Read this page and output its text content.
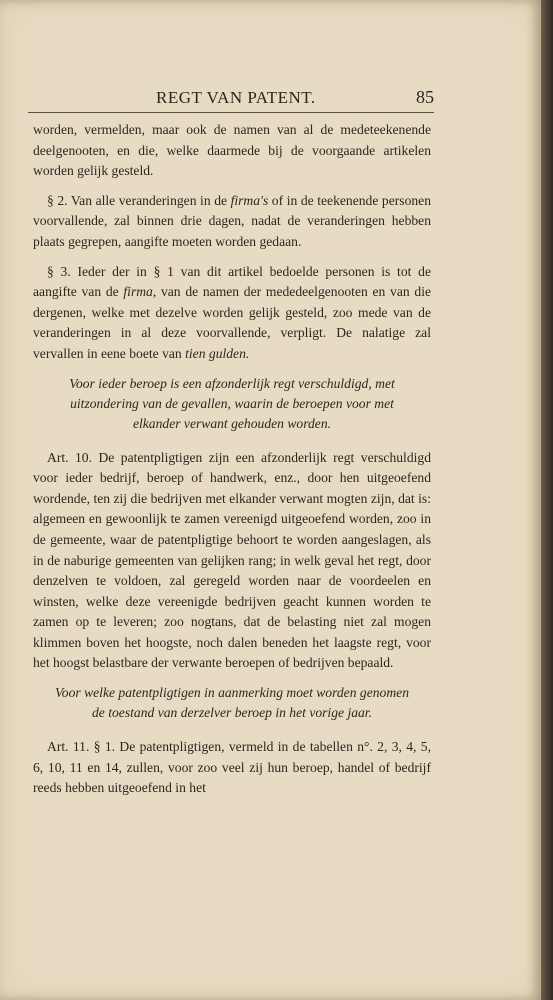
REGT VAN PATENT.	85

worden, vermelden, maar ook de namen van al de medeteekenende deelgenooten, en die, welke daarmede bij de voorgaande artikelen worden gelijk gesteld.

§ 2. Van alle veranderingen in de firma's of in de teekenende personen voorvallende, zal binnen drie dagen, nadat de veranderingen hebben plaats gegrepen, aangifte moeten worden gedaan.

§ 3. Ieder der in § 1 van dit artikel bedoelde personen is tot de aangifte van de firma, van de namen der mededeelgenooten en van die dergenen, welke met dezelve worden gelijk gesteld, zoo mede van de veranderingen in al deze voorvallende, verpligt. De nalatige zal vervallen in eene boete van tien gulden.

Voor ieder beroep is een afzonderlijk regt verschuldigd, met uitzondering van de gevallen, waarin de beroepen voor met elkander verwant gehouden worden.

Art. 10. De patentpligtigen zijn een afzonderlijk regt verschuldigd voor ieder bedrijf, beroep of handwerk, enz., door hen uitgeoefend wordende, ten zij die bedrijven met elkander verwant mogten zijn, dat is: algemeen en gewoonlijk te zamen vereenigd uitgeoefend worden, zoo in de gemeente, waar de patentpligtige behoort te worden aangeslagen, als in de naburige gemeenten van gelijken rang; in welk geval het regt, door denzelven te voldoen, zal geregeld worden naar de voordeelen en winsten, welke deze vereenigde bedrijven geacht kunnen worden te zamen op te leveren; zoo nogtans, dat de belasting niet zal mogen klimmen boven het hoogste, noch dalen beneden het laagste regt, voor het hoogst belastbare der verwante beroepen of bedrijven bepaald.

Voor welke patentpligtigen in aanmerking moet worden genomen de toestand van derzelver beroep in het vorige jaar.

Art. 11. § 1. De patentpligtigen, vermeld in de tabellen n°. 2, 3, 4, 5, 6, 10, 11 en 14, zullen, voor zoo veel zij hun beroep, handel of bedrijf reeds hebben uitgeoefend in het
